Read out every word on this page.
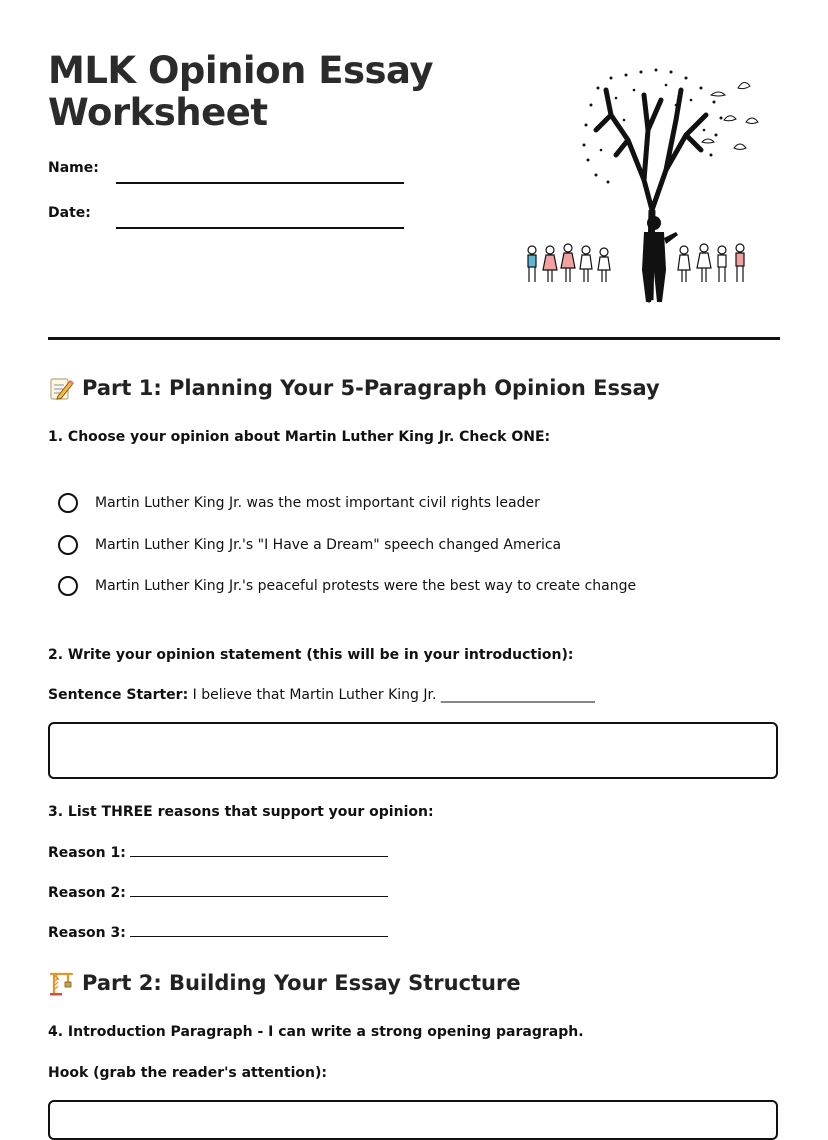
MLK Opinion Essay
Worksheet
Name:
Date:
Part 1: Planning Your 5-Paragraph Opinion Essay

1. Choose your opinion about Martin Luther King Jr. Check ONE:

Martin Luther King Jr. was the most important civil rights leader
Martin Luther King Jr.'s "I Have a Dream" speech changed America
Martin Luther King Jr.'s peaceful protests were the best way to create change

2. Write your opinion statement (this will be in your introduction):

Sentence Starter: I believe that Martin Luther King Jr. ______________________

3. List THREE reasons that support your opinion:

Reason 1:
Reason 2:
Reason 3:
Part 2: Building Your Essay Structure

4. Introduction Paragraph - I can write a strong opening paragraph.

Hook (grab the reader's attention):
